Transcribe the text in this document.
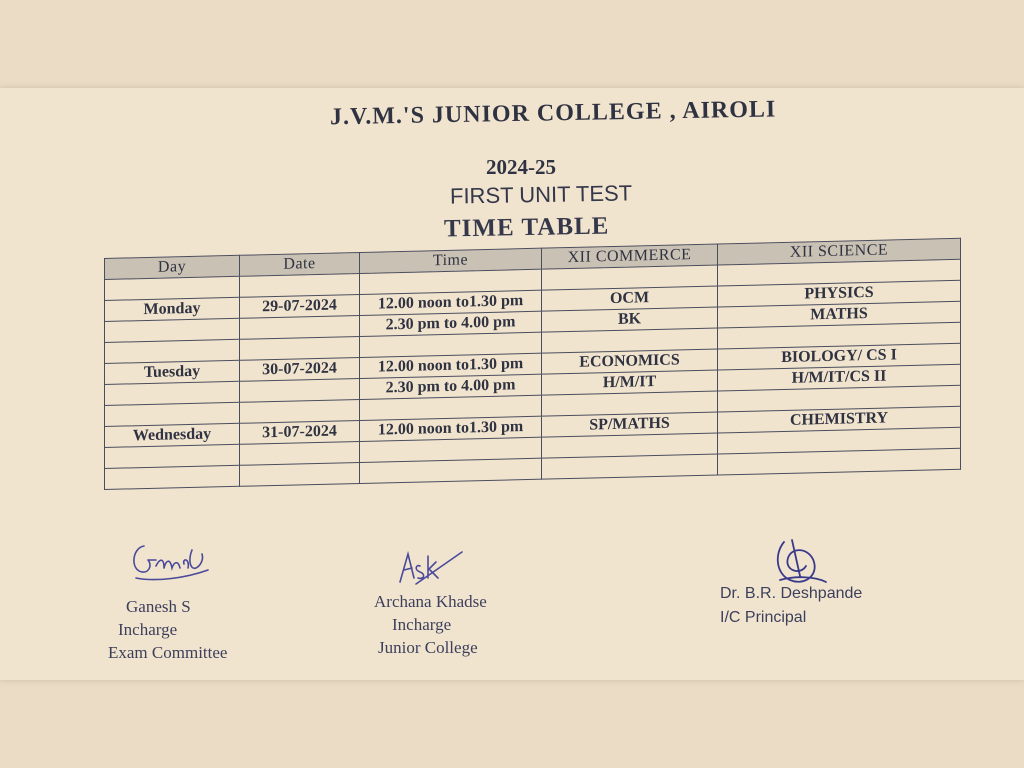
J.V.M.'S JUNIOR COLLEGE , AIROLI
2024-25
FIRST UNIT TEST
TIME TABLE
Day	Date	Time	XII COMMERCE	XII SCIENCE

Monday	29-07-2024	12.00 noon to1.30 pm	OCM	PHYSICS
		2.30 pm to 4.00 pm	BK	MATHS

Tuesday	30-07-2024	12.00 noon to1.30 pm	ECONOMICS	BIOLOGY/ CS I
		2.30 pm to 4.00 pm	H/M/IT	H/M/IT/CS II

Wednesday	31-07-2024	12.00 noon to1.30 pm	SP/MATHS	CHEMISTRY

Ganesh
Ganesh S
Incharge
Exam Committee
Archana Khadse
Incharge
Junior College
Dr. B.R. Deshpande
I/C Principal
